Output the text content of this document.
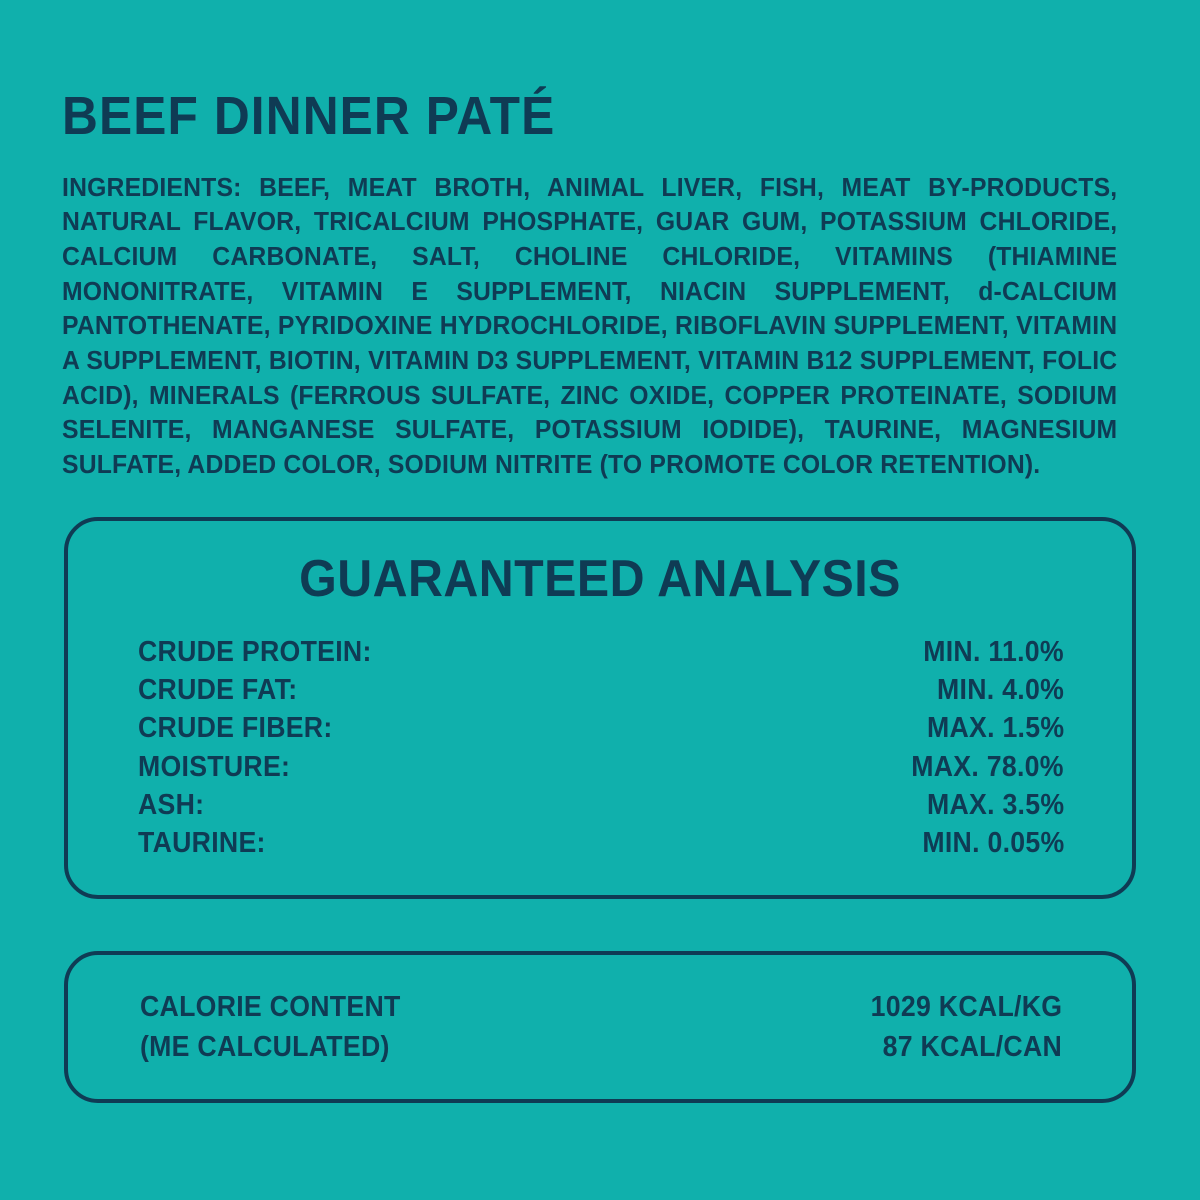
BEEF DINNER PATÉ

INGREDIENTS: BEEF, MEAT BROTH, ANIMAL LIVER, FISH, MEAT BY-PRODUCTS, NATURAL FLAVOR, TRICALCIUM PHOSPHATE, GUAR GUM, POTASSIUM CHLORIDE, CALCIUM CARBONATE, SALT, CHOLINE CHLORIDE, VITAMINS (THIAMINE MONONITRATE, VITAMIN E SUPPLEMENT, NIACIN SUPPLEMENT, d-CALCIUM PANTOTHENATE, PYRIDOXINE HYDROCHLORIDE, RIBOFLAVIN SUPPLEMENT, VITAMIN A SUPPLEMENT, BIOTIN, VITAMIN D3 SUPPLEMENT, VITAMIN B12 SUPPLEMENT, FOLIC ACID), MINERALS (FERROUS SULFATE, ZINC OXIDE, COPPER PROTEINATE, SODIUM SELENITE, MANGANESE SULFATE, POTASSIUM IODIDE), TAURINE, MAGNESIUM SULFATE, ADDED COLOR, SODIUM NITRITE (TO PROMOTE COLOR RETENTION).

GUARANTEED ANALYSIS
CRUDE PROTEIN:	MIN. 11.0%
CRUDE FAT:	MIN. 4.0%
CRUDE FIBER:	MAX. 1.5%
MOISTURE:	MAX. 78.0%
ASH:	MAX. 3.5%
TAURINE:	MIN. 0.05%
CALORIE CONTENT	1029 KCAL/KG
(ME CALCULATED)	87 KCAL/CAN
